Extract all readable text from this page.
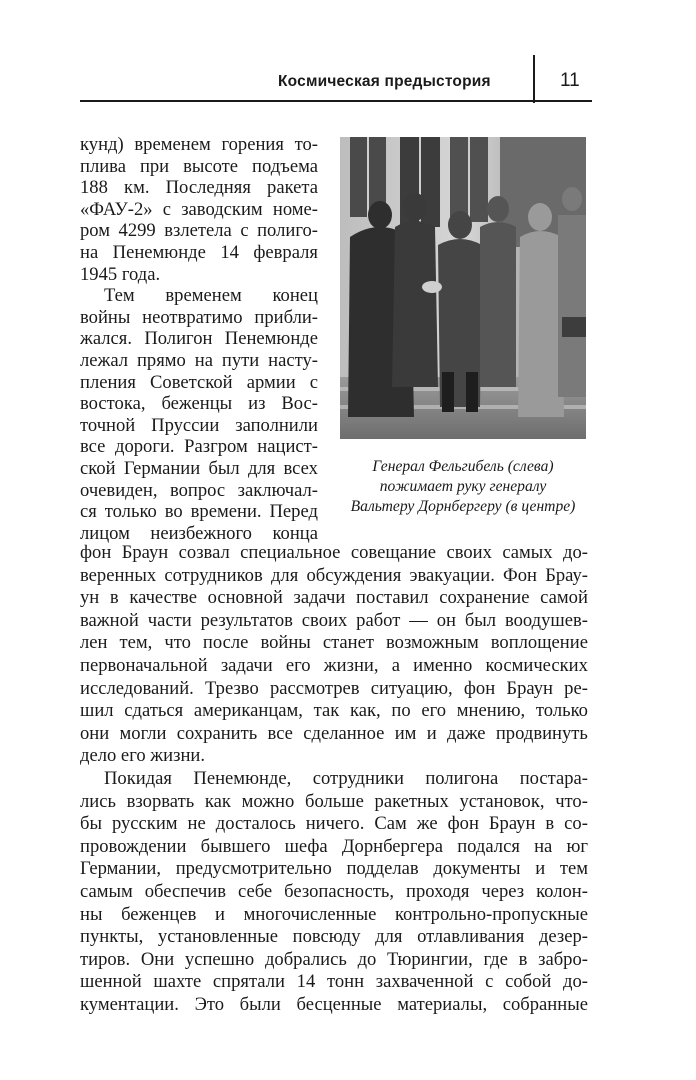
Космическая предыстория	11
кунд) временем горения то-
плива при высоте подъема
188 км. Последняя ракета
«ФАУ-2» с заводским номе-
ром 4299 взлетела с полиго-
на Пенемюнде 14 февраля
1945 года.
Тем временем конец
войны неотвратимо прибли-
жался. Полигон Пенемюнде
лежал прямо на пути насту-
пления Советской армии с
востока, беженцы из Вос-
точной Пруссии заполнили
все дороги. Разгром нацист-
ской Германии был для всех
очевиден, вопрос заключал-
ся только во времени. Перед
лицом неизбежного конца
Генерал Фельгибель (слева)
пожимает руку генералу
Вальтеру Дорнбергеру (в центре)
фон Браун созвал специальное совещание своих самых до-
веренных сотрудников для обсуждения эвакуации. Фон Брау-
ун в качестве основной задачи поставил сохранение самой
важной части результатов своих работ — он был воодушев-
лен тем, что после войны станет возможным воплощение
первоначальной задачи его жизни, а именно космических
исследований. Трезво рассмотрев ситуацию, фон Браун ре-
шил сдаться американцам, так как, по его мнению, только
они могли сохранить все сделанное им и даже продвинуть
дело его жизни.
Покидая Пенемюнде, сотрудники полигона постара-
лись взорвать как можно больше ракетных установок, что-
бы русским не досталось ничего. Сам же фон Браун в со-
провождении бывшего шефа Дорнбергера подался на юг
Германии, предусмотрительно подделав документы и тем
самым обеспечив себе безопасность, проходя через колон-
ны беженцев и многочисленные контрольно-пропускные
пункты, установленные повсюду для отлавливания дезер-
тиров. Они успешно добрались до Тюрингии, где в забро-
шенной шахте спрятали 14 тонн захваченной с собой до-
кументации. Это были бесценные материалы, собранные
